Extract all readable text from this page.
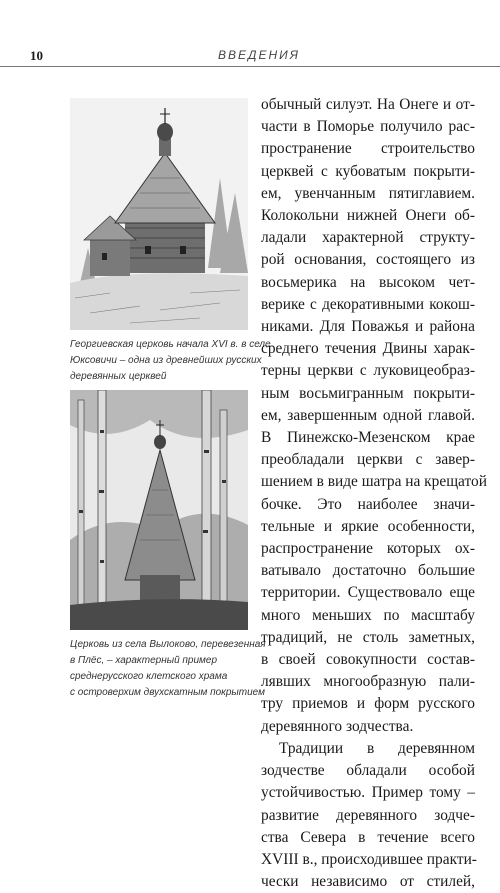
10	ВВЕДЕНИЯ
Георгиевская церковь начала XVI в. в селе
Юксовичи – одна из древнейших русских
деревянных церквей
Церковь из села Вылоково, перевезенная
в Плёс, – характерный пример
среднерусского клетского храма
с островерхим двухскатным покрытием
обычный силуэт. На Онеге и от-
части в Поморье получило рас-
пространение строительство
церквей с кубоватым покрыти-
ем, увенчанным пятиглавием.
Колокольни нижней Онеги об-
ладали характерной структу-
рой основания, состоящего из
восьмерика на высоком чет-
верике с декоративными кокош-
никами. Для Поважья и района
среднего течения Двины харак-
терны церкви с луковицеобраз-
ным восьмигранным покрыти-
ем, завершенным одной главой.
В Пинежско-Мезенском крае
преобладали церкви с завер-
шением в виде шатра на крещатой
бочке. Это наиболее значи-
тельные и яркие особенности,
распространение которых ох-
ватывало достаточно большие
территории. Существовало еще
много меньших по масштабу
традиций, не столь заметных,
в своей совокупности состав-
лявших многообразную пали-
тру приемов и форм русского
деревянного зодчества.
Традиции в деревянном
зодчестве обладали особой
устойчивостью. Пример тому –
развитие деревянного зодче-
ства Севера в течение всего
XVIII в., происходившее практи-
чески независимо от стилей,
